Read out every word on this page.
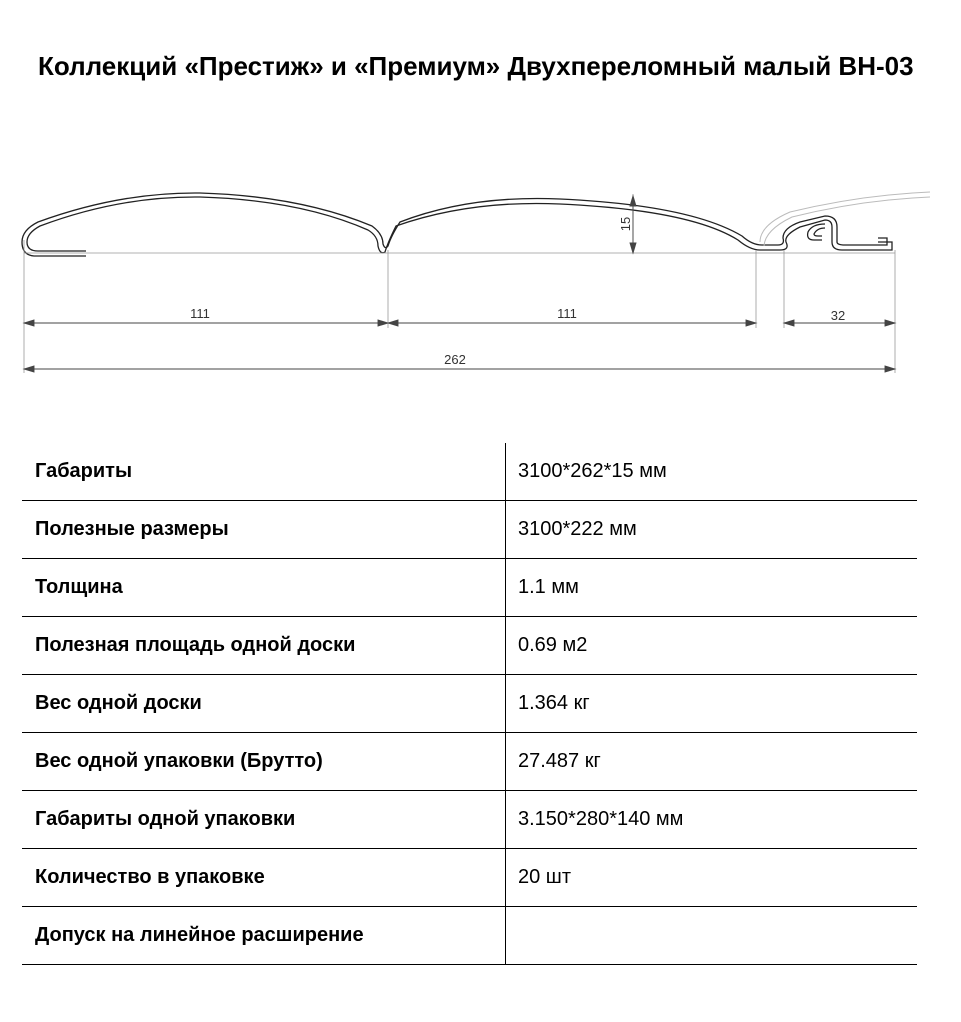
Коллекций «Престиж» и «Премиум» Двухпереломный малый ВН-03
111	111	32
262
15
Габариты	3100*262*15 мм
Полезные размеры	3100*222 мм
Толщина	1.1 мм
Полезная площадь одной доски	0.69 м2
Вес одной доски	1.364 кг
Вес одной упаковки (Брутто)	27.487 кг
Габариты одной упаковки	3.150*280*140 мм
Количество в упаковке	20 шт
Допуск на линейное расширение	
